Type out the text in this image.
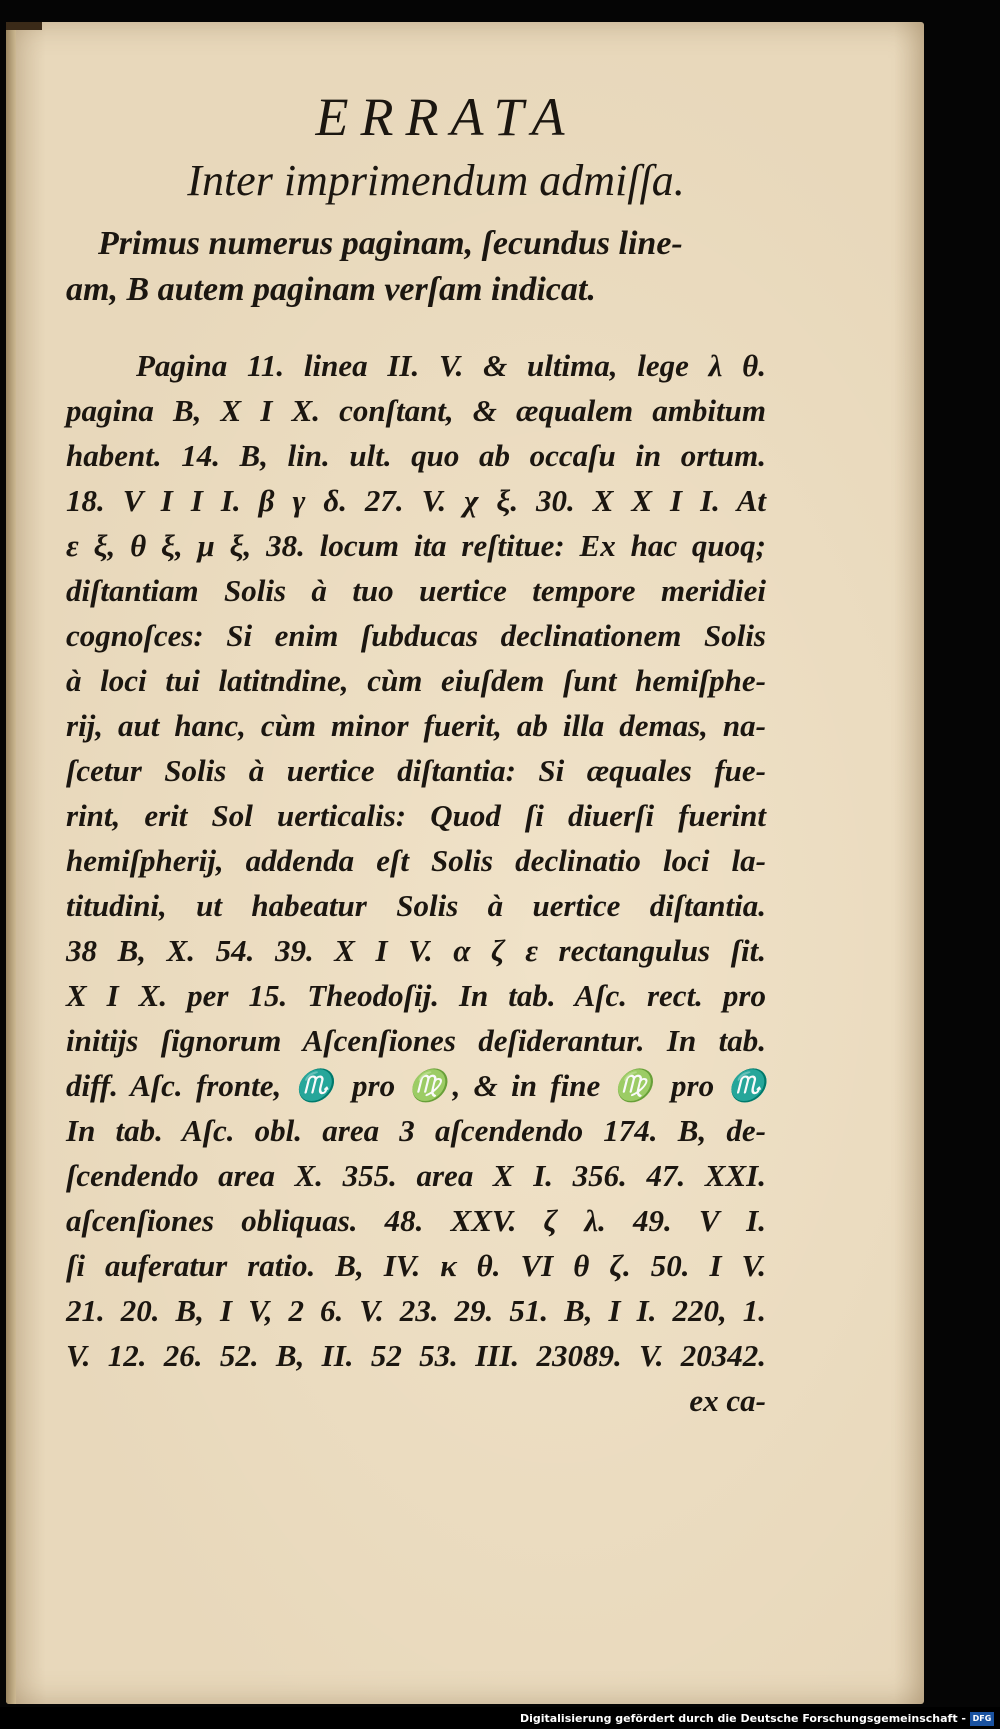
ERRATA
Inter imprimendum admiſſa.
Primus numerus paginam, ſecundus line-
am, B autem paginam verſam indicat.
Pagina 11. linea II. V. & ultima, lege λ θ.
pagina B, X I X. conſtant, & æqualem ambitum
habent. 14. B, lin. ult. quo ab occaſu in ortum.
18. V I I I. β γ δ. 27. V. χ ξ. 30. X X I I. At
ε ξ, θ ξ, μ ξ, 38. locum ita reſtitue: Ex hac quoq;
diſtantiam Solis à tuo uertice tempore meridiei
cognoſces: Si enim ſubducas declinationem Solis
à loci tui latitndine, cùm eiuſdem ſunt hemiſphe-
rij, aut hanc, cùm minor fuerit, ab illa demas, na-
ſcetur Solis à uertice diſtantia: Si æquales fue-
rint, erit Sol uerticalis: Quod ſi diuerſi fuerint
hemiſpherij, addenda eſt Solis declinatio loci la-
titudini, ut habeatur Solis à uertice diſtantia.
38 B, X. 54. 39. X I V. α ζ ε rectangulus ſit.
X I X. per 15. Theodoſij. In tab. Aſc. rect. pro
initijs ſignorum Aſcenſiones deſiderantur. In tab.
diff. Aſc. fronte, ♏ pro ♍, & in fine ♍ pro ♏
In tab. Aſc. obl. area 3 aſcendendo 174. B, de-
ſcendendo area X. 355. area X I. 356. 47. XXI.
aſcenſiones obliquas. 48. XXV. ζ λ. 49. V I.
ſi auferatur ratio. B, IV. κ θ. VI θ ζ. 50. I V.
21. 20. B, I V, 2 6. V. 23. 29. 51. B, I I. 220, 1.
V. 12. 26. 52. B, II. 52 53. III. 23089. V. 20342.
ex ca-
Digitalisierung gefördert durch die Deutsche Forschungsgemeinschaft - DFG
